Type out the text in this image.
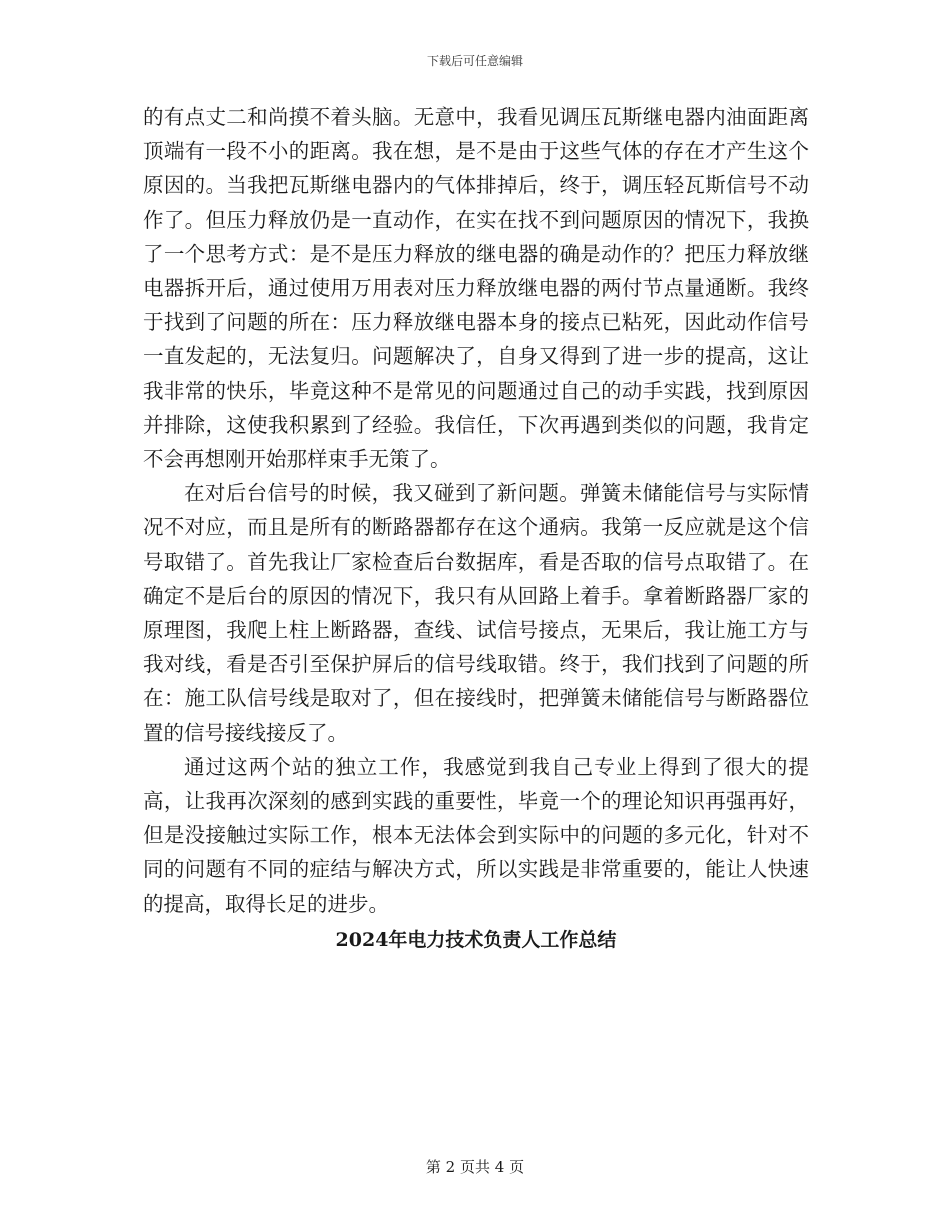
下载后可任意编辑

的有点丈二和尚摸不着头脑。无意中，我看见调压瓦斯继电器内油面距离顶端有一段不小的距离。我在想，是不是由于这些气体的存在才产生这个原因的。当我把瓦斯继电器内的气体排掉后，终于，调压轻瓦斯信号不动作了。但压力释放仍是一直动作，在实在找不到问题原因的情况下，我换了一个思考方式：是不是压力释放的继电器的确是动作的？把压力释放继电器拆开后，通过使用万用表对压力释放继电器的两付节点量通断。我终于找到了问题的所在：压力释放继电器本身的接点已粘死，因此动作信号一直发起的，无法复归。问题解决了，自身又得到了进一步的提高，这让我非常的快乐，毕竟这种不是常见的问题通过自己的动手实践，找到原因并排除，这使我积累到了经验。我信任，下次再遇到类似的问题，我肯定不会再想刚开始那样束手无策了。

在对后台信号的时候，我又碰到了新问题。弹簧未储能信号与实际情况不对应，而且是所有的断路器都存在这个通病。我第一反应就是这个信号取错了。首先我让厂家检查后台数据库，看是否取的信号点取错了。在确定不是后台的原因的情况下，我只有从回路上着手。拿着断路器厂家的原理图，我爬上柱上断路器，查线、试信号接点，无果后，我让施工方与我对线，看是否引至保护屏后的信号线取错。终于，我们找到了问题的所在：施工队信号线是取对了，但在接线时，把弹簧未储能信号与断路器位置的信号接线接反了。

通过这两个站的独立工作，我感觉到我自己专业上得到了很大的提高，让我再次深刻的感到实践的重要性，毕竟一个的理论知识再强再好，但是没接触过实际工作，根本无法体会到实际中的问题的多元化，针对不同的问题有不同的症结与解决方式，所以实践是非常重要的，能让人快速的提高，取得长足的进步。

2024年电力技术负责人工作总结
第 2 页共 4 页
